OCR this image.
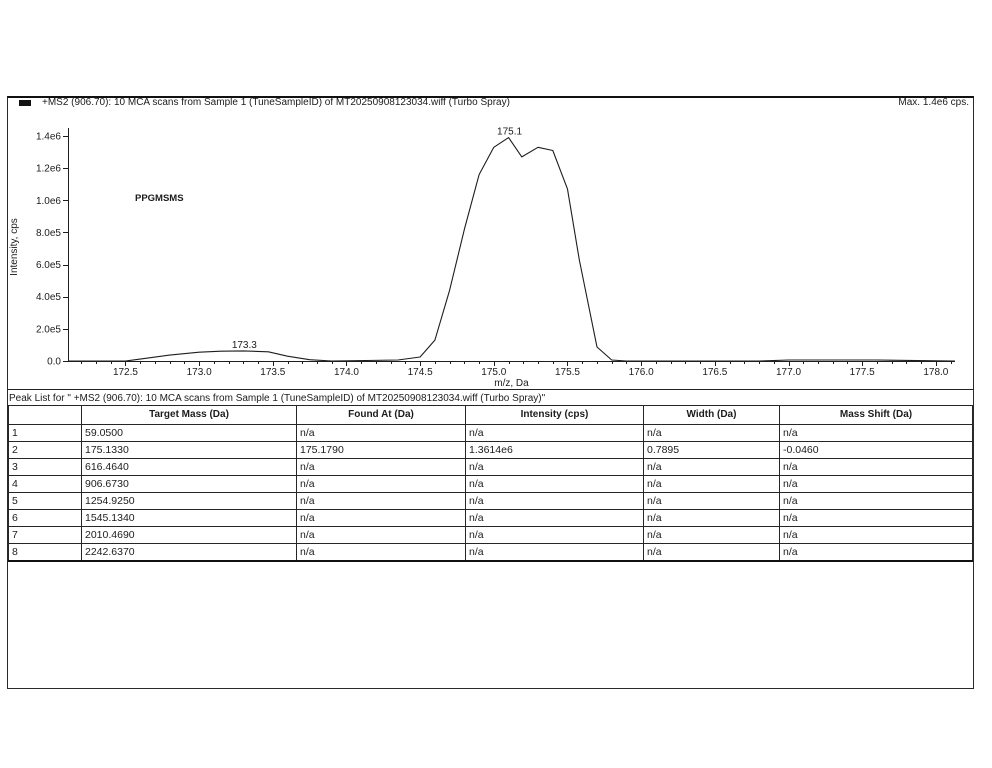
+MS2 (906.70): 10 MCA scans from Sample 1 (TuneSampleID) of MT20250908123034.wiff (Turbo Spray)	Max. 1.4e6 cps.
172.5	173.0	173.5	174.0	174.5	175.0	175.5	176.0	176.5	177.0	177.5	178.0
0.0
2.0e5
4.0e5
6.0e5
8.0e5
1.0e6
1.2e6
1.4e6
m/z, Da
Intensity, cps
175.1
173.3
PPGMSMS
Peak List for " +MS2 (906.70): 10 MCA scans from Sample 1 (TuneSampleID) of MT20250908123034.wiff (Turbo Spray)"
	Target Mass (Da)	Found At (Da)	Intensity (cps)	Width (Da)	Mass Shift (Da)
1	59.0500	n/a	n/a	n/a	n/a
2	175.1330	175.1790	1.3614e6	0.7895	-0.0460
3	616.4640	n/a	n/a	n/a	n/a
4	906.6730	n/a	n/a	n/a	n/a
5	1254.9250	n/a	n/a	n/a	n/a
6	1545.1340	n/a	n/a	n/a	n/a
7	2010.4690	n/a	n/a	n/a	n/a
8	2242.6370	n/a	n/a	n/a	n/a
